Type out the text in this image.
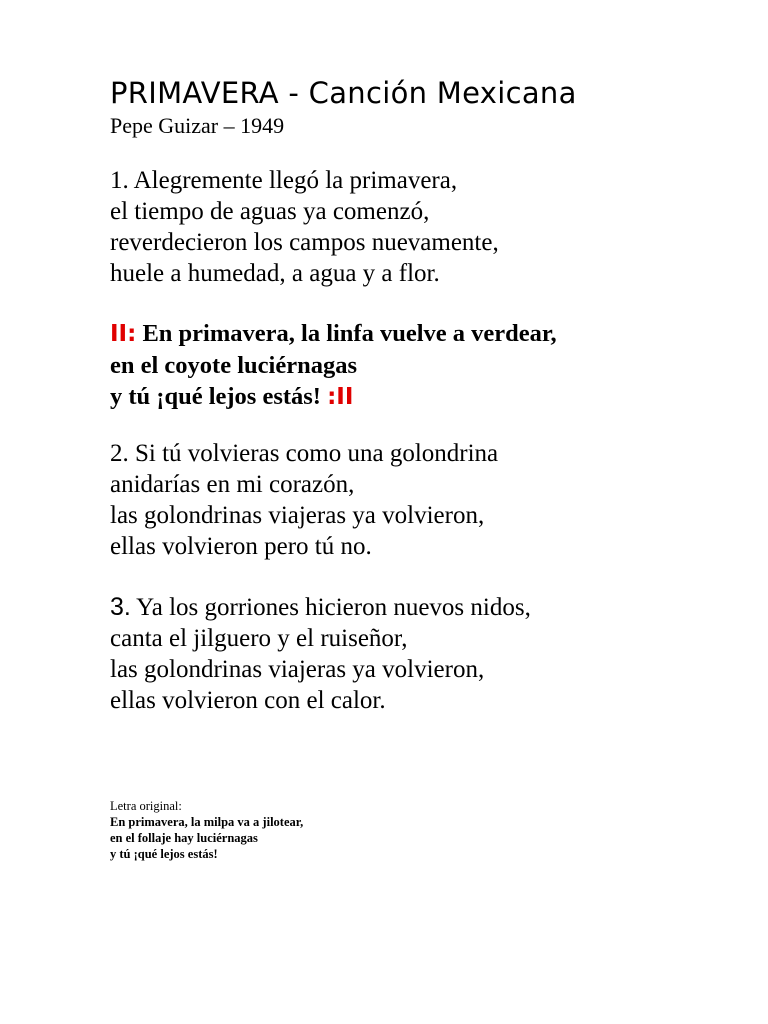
PRIMAVERA - Canción Mexicana
Pepe Guizar – 1949
1. Alegremente llegó la primavera,
el tiempo de aguas ya comenzó,
reverdecieron los campos nuevamente,
huele a humedad, a agua y a flor.
II: En primavera, la linfa vuelve a verdear,
en el coyote luciérnagas
y tú ¡qué lejos estás! :II
2. Si tú volvieras como una golondrina
anidarías en mi corazón,
las golondrinas viajeras ya volvieron,
ellas volvieron pero tú no.
3. Ya los gorriones hicieron nuevos nidos,
canta el jilguero y el ruiseñor,
las golondrinas viajeras ya volvieron,
ellas volvieron con el calor.
Letra original:
En primavera, la milpa va a jilotear,
en el follaje hay luciérnagas
y tú ¡qué lejos estás!
